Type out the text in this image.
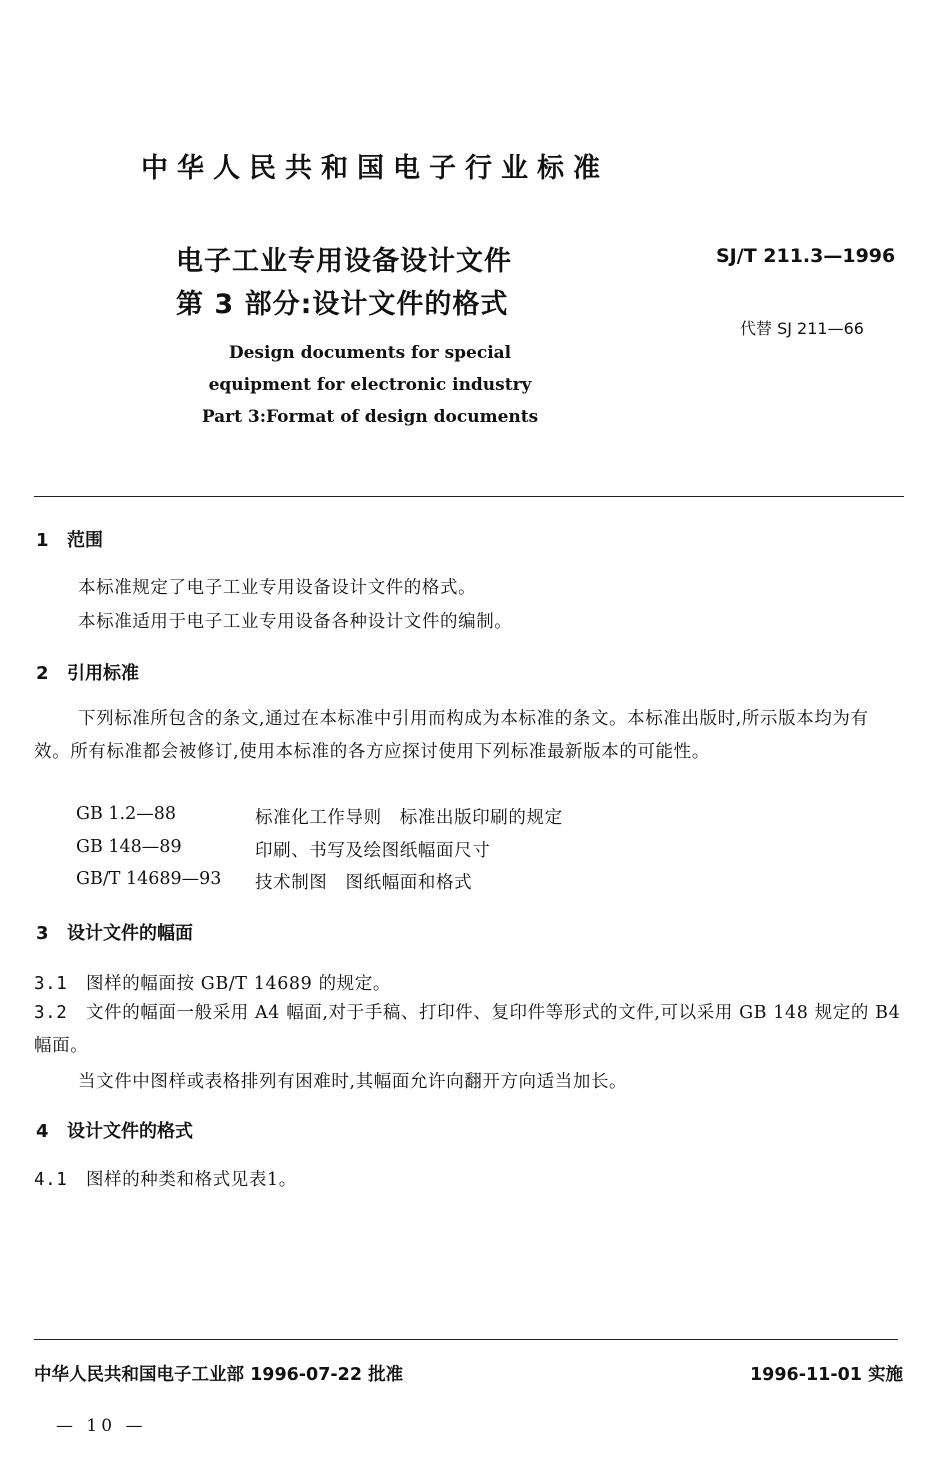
中华人民共和国电子行业标准
电子工业专用设备设计文件
第 3 部分:设计文件的格式
SJ/T 211.3—1996
代替 SJ 211—66
Design documents for special
equipment for electronic industry
Part 3:Format of design documents
1 范围

本标准规定了电子工业专用设备设计文件的格式。

本标准适用于电子工业专用设备各种设计文件的编制。

2 引用标准

下列标准所包含的条文,通过在本标准中引用而构成为本标准的条文。本标准出版时,所示版本均为有效。所有标准都会被修订,使用本标准的各方应探讨使用下列标准最新版本的可能性。

GB 1.2—88	标准化工作导则　标准出版印刷的规定
GB 148—89	印刷、书写及绘图纸幅面尺寸
GB/T 14689—93 技术制图　图纸幅面和格式
3 设计文件的幅面
3.1 图样的幅面按 GB/T 14689 的规定。
3.2 文件的幅面一般采用 A4 幅面,对于手稿、打印件、复印件等形式的文件,可以采用 GB 148 规定的 B4 幅面。

当文件中图样或表格排列有困难时,其幅面允许向翻开方向适当加长。

4 设计文件的格式
4.1 图样的种类和格式见表1。
中华人民共和国电子工业部 1996-07-22 批准	1996-11-01 实施
— 10 —
